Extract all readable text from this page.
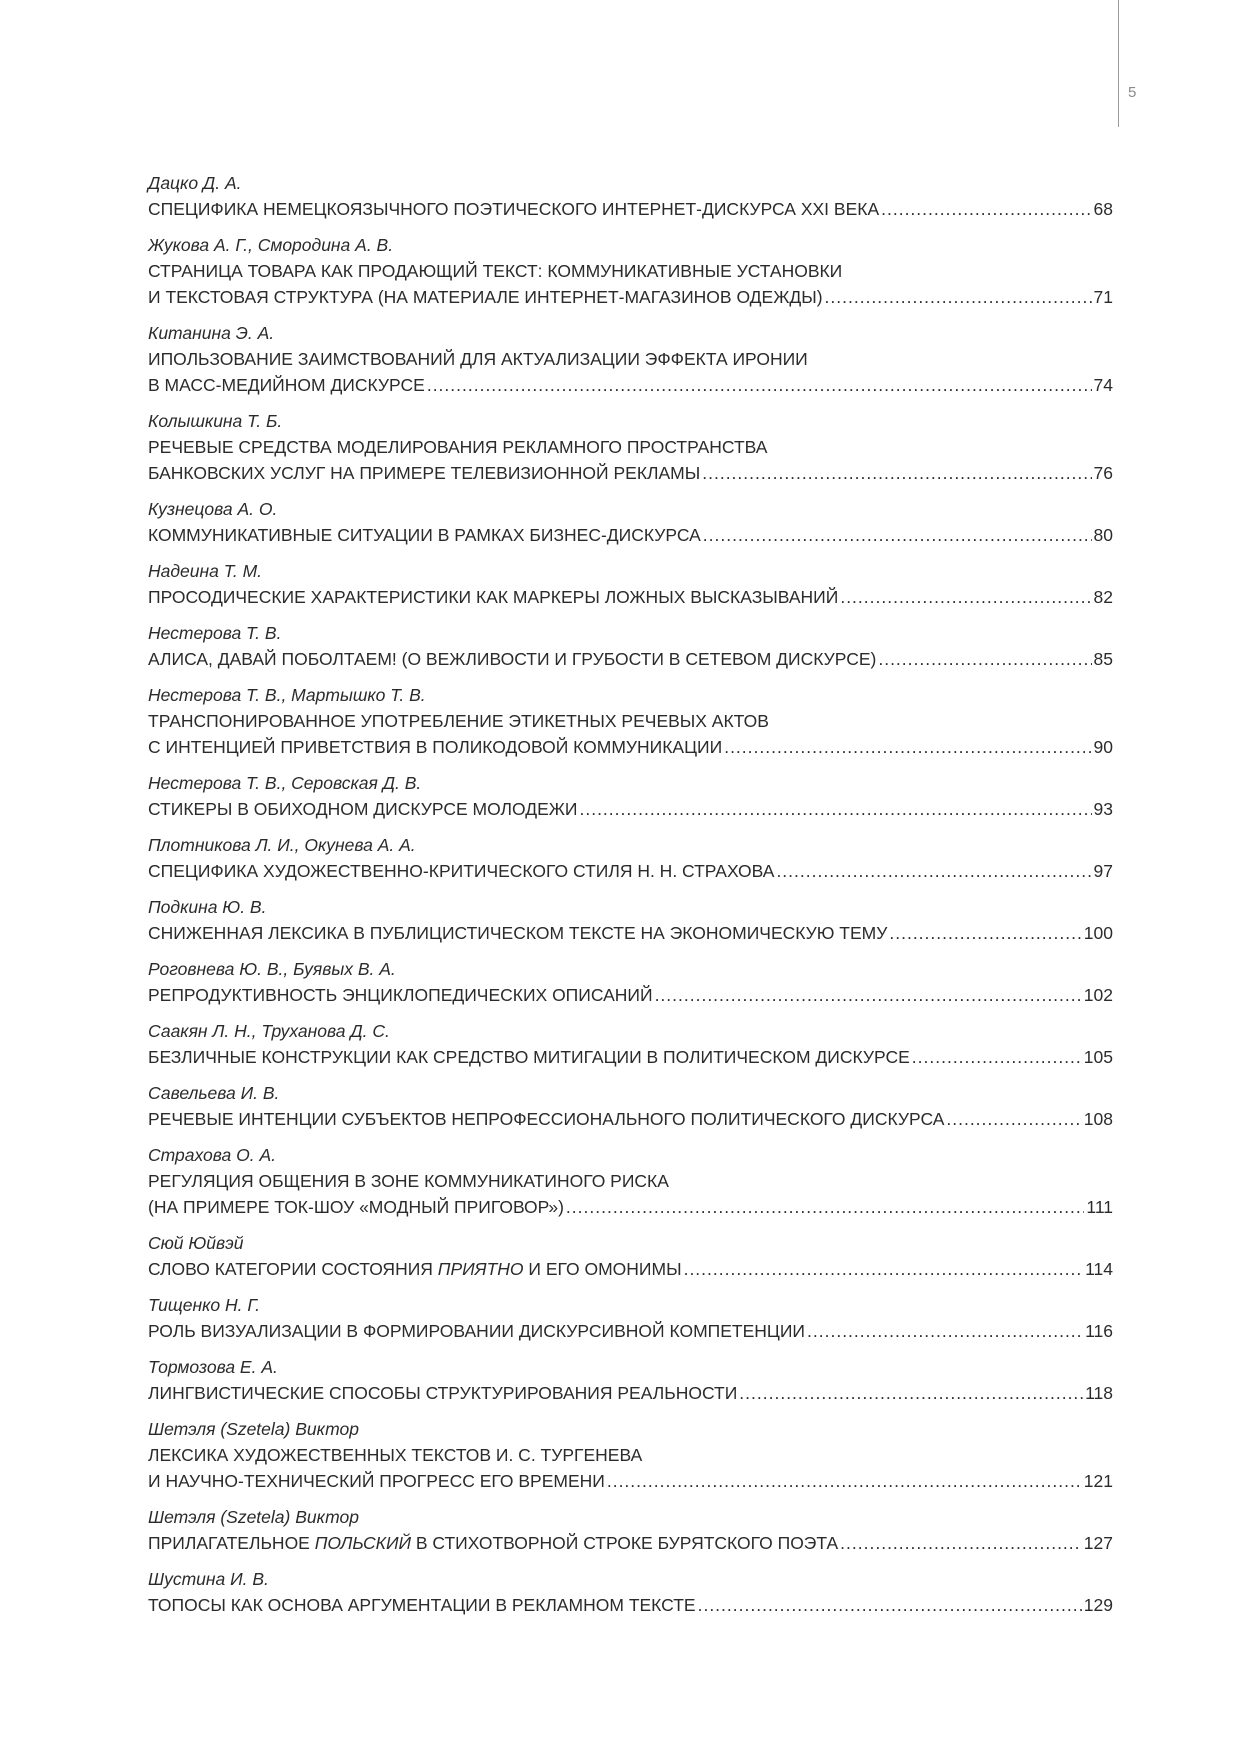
5
Дацко Д. А.
СПЕЦИФИКА НЕМЕЦКОЯЗЫЧНОГО ПОЭТИЧЕСКОГО ИНТЕРНЕТ-ДИСКУРСА XXI ВЕКА .....	68
Жукова А. Г., Смородина А. В.
СТРАНИЦА ТОВАРА КАК ПРОДАЮЩИЙ ТЕКСТ: КОММУНИКАТИВНЫЕ УСТАНОВКИ
И ТЕКСТОВАЯ СТРУКТУРА (НА МАТЕРИАЛЕ ИНТЕРНЕТ-МАГАЗИНОВ ОДЕЖДЫ) .....	71
Китанина Э. А.
ИПОЛЬЗОВАНИЕ ЗАИМСТВОВАНИЙ ДЛЯ АКТУАЛИЗАЦИИ ЭФФЕКТА ИРОНИИ
В МАСС-МЕДИЙНОМ ДИСКУРСЕ .....	74
Колышкина Т. Б.
РЕЧЕВЫЕ СРЕДСТВА МОДЕЛИРОВАНИЯ РЕКЛАМНОГО ПРОСТРАНСТВА
БАНКОВСКИХ УСЛУГ НА ПРИМЕРЕ ТЕЛЕВИЗИОННОЙ РЕКЛАМЫ .....	76
Кузнецова А. О.
КОММУНИКАТИВНЫЕ СИТУАЦИИ В РАМКАХ БИЗНЕС-ДИСКУРСА .....	80
Надеина Т. М.
ПРОСОДИЧЕСКИЕ ХАРАКТЕРИСТИКИ КАК МАРКЕРЫ ЛОЖНЫХ ВЫСКАЗЫВАНИЙ .....	82
Нестерова Т. В.
АЛИСА, ДАВАЙ ПОБОЛТАЕМ! (О ВЕЖЛИВОСТИ И ГРУБОСТИ В СЕТЕВОМ ДИСКУРСЕ) .....	85
Нестерова Т. В., Мартышко Т. В.
ТРАНСПОНИРОВАННОЕ УПОТРЕБЛЕНИЕ ЭТИКЕТНЫХ РЕЧЕВЫХ АКТОВ
С ИНТЕНЦИЕЙ ПРИВЕТСТВИЯ В ПОЛИКОДОВОЙ КОММУНИКАЦИИ .....	90
Нестерова Т. В., Серовская Д. В.
СТИКЕРЫ В ОБИХОДНОМ ДИСКУРСЕ МОЛОДЕЖИ .....	93
Плотникова Л. И., Окунева А. А.
СПЕЦИФИКА ХУДОЖЕСТВЕННО-КРИТИЧЕСКОГО СТИЛЯ Н. Н. СТРАХОВА .....	97
Подкина Ю. В.
СНИЖЕННАЯ ЛЕКСИКА В ПУБЛИЦИСТИЧЕСКОМ ТЕКСТЕ НА ЭКОНОМИЧЕСКУЮ ТЕМУ .....	100
Роговнева Ю. В., Буявых В. А.
РЕПРОДУКТИВНОСТЬ ЭНЦИКЛОПЕДИЧЕСКИХ ОПИСАНИЙ .....	102
Саакян Л. Н., Труханова Д. С.
БЕЗЛИЧНЫЕ КОНСТРУКЦИИ КАК СРЕДСТВО МИТИГАЦИИ В ПОЛИТИЧЕСКОМ ДИСКУРСЕ .....	105
Савельева И. В.
РЕЧЕВЫЕ ИНТЕНЦИИ СУБЪЕКТОВ НЕПРОФЕССИОНАЛЬНОГО ПОЛИТИЧЕСКОГО ДИСКУРСА .....	108
Страхова О. А.
РЕГУЛЯЦИЯ ОБЩЕНИЯ В ЗОНЕ КОММУНИКАТИНОГО РИСКА
(НА ПРИМЕРЕ ТОК-ШОУ «МОДНЫЙ ПРИГОВОР») .....	111
Сюй Юйвэй
СЛОВО КАТЕГОРИИ СОСТОЯНИЯ ПРИЯТНО И ЕГО ОМОНИМЫ .....	114
Тищенко Н. Г.
РОЛЬ ВИЗУАЛИЗАЦИИ В ФОРМИРОВАНИИ ДИСКУРСИВНОЙ КОМПЕТЕНЦИИ .....	116
Тормозова Е. А.
ЛИНГВИСТИЧЕСКИЕ СПОСОБЫ СТРУКТУРИРОВАНИЯ РЕАЛЬНОСТИ .....	118
Шетэля (Szetela) Виктор
ЛЕКСИКА ХУДОЖЕСТВЕННЫХ ТЕКСТОВ И. С. ТУРГЕНЕВА
И НАУЧНО-ТЕХНИЧЕСКИЙ ПРОГРЕСС ЕГО ВРЕМЕНИ .....	121
Шетэля (Szetela) Виктор
ПРИЛАГАТЕЛЬНОЕ ПОЛЬСКИЙ В СТИХОТВОРНОЙ СТРОКЕ БУРЯТСКОГО ПОЭТА .....	127
Шустина И. В.
ТОПОСЫ КАК ОСНОВА АРГУМЕНТАЦИИ В РЕКЛАМНОМ ТЕКСТЕ .....	129
